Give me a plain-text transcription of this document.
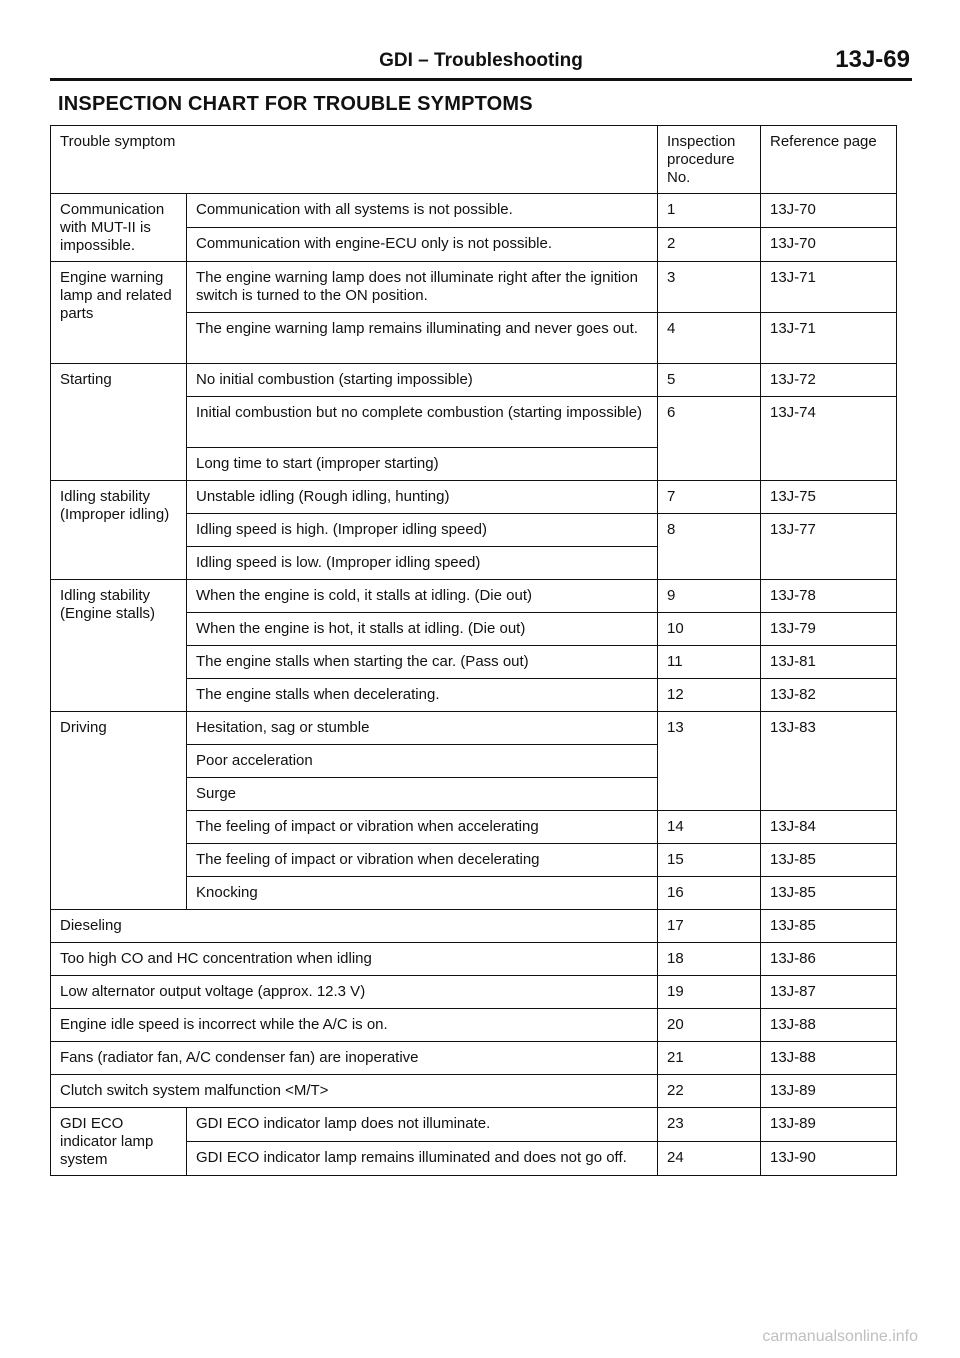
GDI – Troubleshooting	13J-69
INSPECTION CHART FOR TROUBLE SYMPTOMS
Trouble symptom		Inspection procedure No.	Reference page
Communication with MUT-II is impossible.	Communication with all systems is not possible.	1	13J-70
	Communication with engine-ECU only is not possible.	2	13J-70
Engine warning lamp and related parts	The engine warning lamp does not illuminate right after the ignition switch is turned to the ON position.	3	13J-71
	The engine warning lamp remains illuminating and never goes out.	4	13J-71
Starting	No initial combustion (starting impossible)	5	13J-72
	Initial combustion but no complete combustion (starting impossible)	6	13J-74
	Long time to start (improper starting)		
Idling stability (Improper idling)	Unstable idling (Rough idling, hunting)	7	13J-75
	Idling speed is high. (Improper idling speed)	8	13J-77
	Idling speed is low. (Improper idling speed)		
Idling stability (Engine stalls)	When the engine is cold, it stalls at idling. (Die out)	9	13J-78
	When the engine is hot, it stalls at idling. (Die out)	10	13J-79
	The engine stalls when starting the car. (Pass out)	11	13J-81
	The engine stalls when decelerating.	12	13J-82
Driving	Hesitation, sag or stumble	13	13J-83
	Poor acceleration		
	Surge		
	The feeling of impact or vibration when accelerating	14	13J-84
	The feeling of impact or vibration when decelerating	15	13J-85
	Knocking	16	13J-85
Dieseling		17	13J-85
Too high CO and HC concentration when idling		18	13J-86
Low alternator output voltage (approx. 12.3 V)		19	13J-87
Engine idle speed is incorrect while the A/C is on.		20	13J-88
Fans (radiator fan, A/C condenser fan) are inoperative		21	13J-88
Clutch switch system malfunction <M/T>		22	13J-89
GDI ECO indicator lamp system	GDI ECO indicator lamp does not illuminate.	23	13J-89
	GDI ECO indicator lamp remains illuminated and does not go off.	24	13J-90
carmanualsonline.info
